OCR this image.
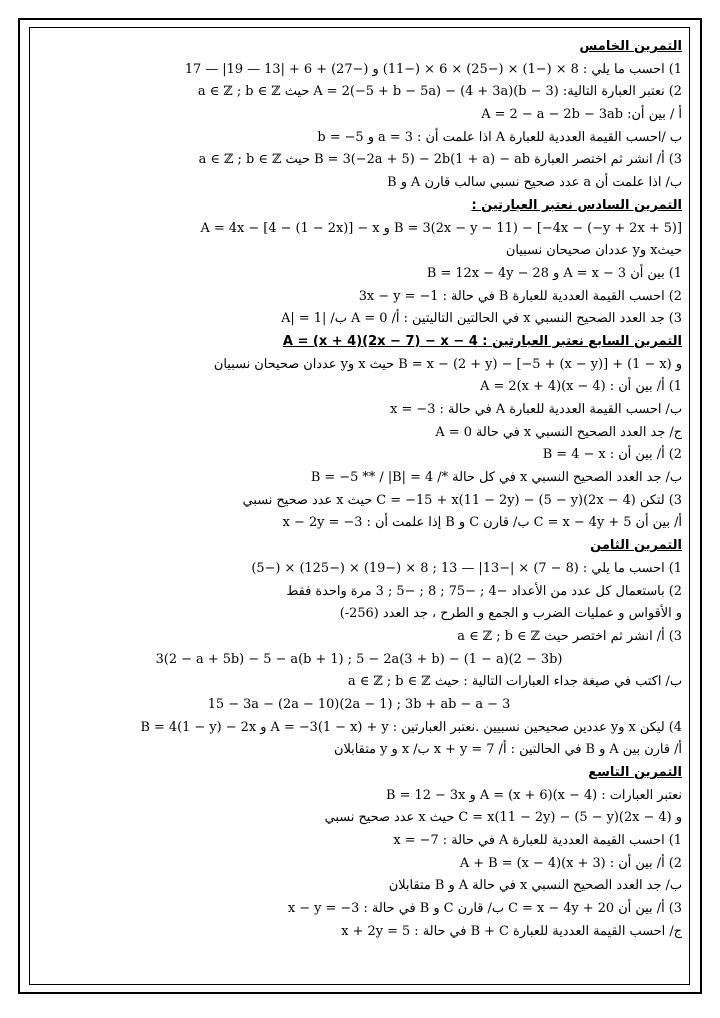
التمرين الخامس
1) احسب ما يلي : 8 × (−1) × (−25) × 6 × (−11) و (−27) + 6 + |13 — 19| — 17
2) نعتبر العبارة التالية: A = 2(−5 + b − 5a) − (4 + 3a)(b − 3) حيث a ∈ ℤ ; b ∈ ℤ
أ / بين أن: A = 2 − a − 2b − 3ab
ب /احسب القيمة العددية للعبارة A اذا علمت أن : a = 3 و b = −5
3) أ/ انشر ثم اختصر العبارة B = 3(−2a + 5) − 2b(1 + a) − ab حيث a ∈ ℤ ; b ∈ ℤ
ب/ اذا علمت أن a عدد صحيح نسبي سالب قارن A و B
التمرين السادس نعتبر العبارتين :
A = 4x − [4 − (1 − 2x)] − x و B = 3(2x − y − 11) − [−4x − (−y + 2x + 5)]
حيثx وy عددان صحيحان نسبيان
1) بين أن A = x − 3 و B = 12x − 4y − 28
2) احسب القيمة العددية للعبارة B في حالة : 3x − y = −1
3) جد العدد الصحيح النسبي x في الحالتين التاليتين : أ/ A = 0 ب/ |A| = 1
التمرين السابع نعتبر العبارتين : A = (x + 4)(2x − 7) − x − 4
و B = x − (2 + y) − [−5 + (x − y)] + (1 − x) حيث x وy عددان صحيحان نسبيان
1) أ/ بين أن : A = 2(x + 4)(x − 4)
ب/ احسب القيمة العددية للعبارة A في حالة : x = −3
ج/ جد العدد الصحيح النسبي x في حالة A = 0
2) أ/ بين أن : B = 4 − x
ب/ جد العدد الصحيح النسبي x في كل حالة */ B = −5 ** / |B| = 4
3) لتكن C = −15 + x(11 − 2y) − (5 − y)(2x − 4) حيث x عدد صحيح نسبي
أ/ بين أن C = x − 4y + 5 ب/ قارن C و B إذا علمت أن : x − 2y = −3
التمرين الثامن
1) احسب ما يلي : (8 − 7) × |−13| — 13 ; 8 × (−19) × (−125) × (−5)
2) باستعمال كل عدد من الأعداد −4 ; −75 ; 8 ; −5 ; 3 مرة واحدة فقط
و الأقواس و عمليات الضرب و الجمع و الطرح ، جد العدد (256-)
3) أ/ انشر ثم اختصر حيث a ∈ ℤ ; b ∈ ℤ
3(2 − a + 5b) − 5 − a(b + 1) ; 5 − 2a(3 + b) − (1 − a)(2 − 3b)
ب/ اكتب في صيغة جداء العبارات التالية : حيث a ∈ ℤ ; b ∈ ℤ
15 − 3a − (2a − 10)(2a − 1) ; 3b + ab − a − 3
4) ليكن x وy عددين صحيحين نسبيين .نعتبر العبارتين : A = −3(1 − x) + y و B = 4(1 − y) − 2x
أ/ قارن بين A و B في الحالتين : أ/ x + y = 7 ب/ x و y متقابلان
التمرين التاسع
نعتبر العبارات : A = (x + 6)(x − 4) و B = 12 − 3x
و C = x(11 − 2y) − (5 − y)(2x − 4) حيث x عدد صحيح نسبي
1) احسب القيمة العددية للعبارة A في حالة : x = −7
2) أ/ بين أن : A + B = (x − 4)(x + 3)
ب/ جد العدد الصحيح النسبي x في حالة A و B متقابلان
3) أ/ بين أن C = x − 4y + 20 ب/ قارن C و B في حالة : x − y = −3
ج/ احسب القيمة العددية للعبارة B + C في حالة : x + 2y = 5
